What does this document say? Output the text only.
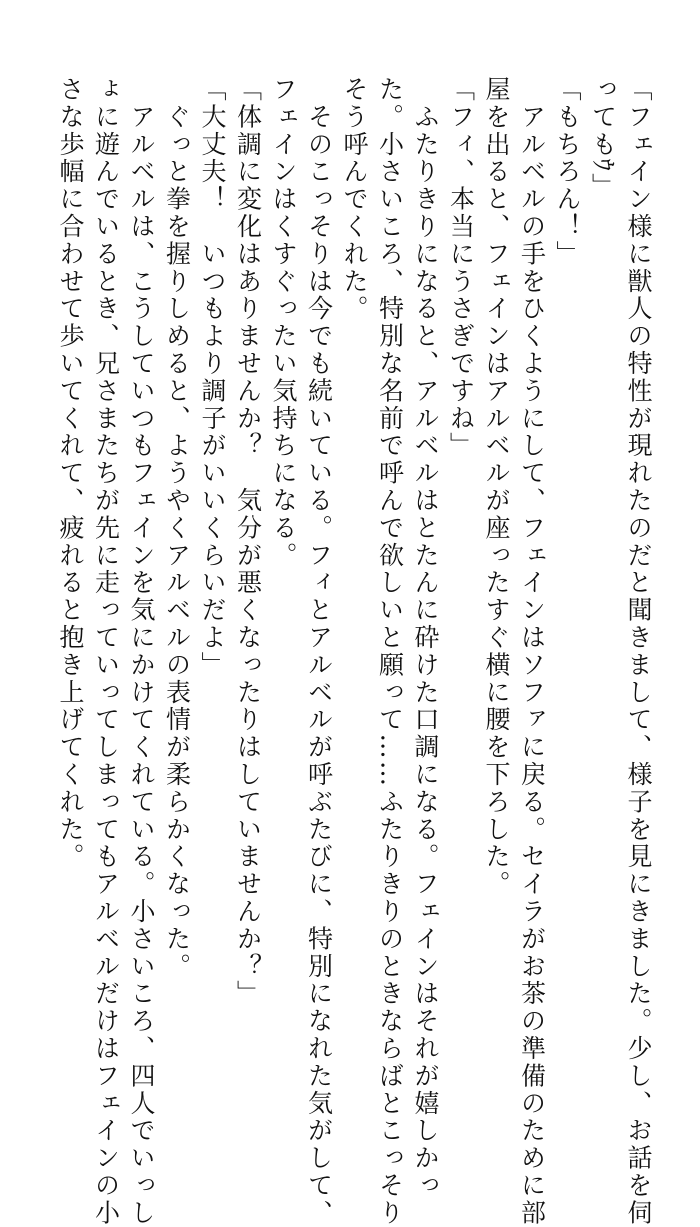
「フェイン様に獣人の特性が現れたのだと聞きまして、様子を見にきました。少し、お話を伺

ってもｳ」

「もちろん！」

　アルベルの手をひくようにして、フェインはソファに戻る。セイラがお茶の準備のために部

屋を出ると、フェインはアルベルが座ったすぐ横に腰を下ろした。

「フィ、本当にうさぎですね」

　ふたりきりになると、アルベルはとたんに砕けた口調になる。フェインはそれが嬉しかっ

た。小さいころ、特別な名前で呼んで欲しいと願って……ふたりきりのときならばとこっそり

そう呼んでくれた。

　そのこっそりは今でも続いている。フィとアルベルが呼ぶたびに、特別になれた気がして、

フェインはくすぐったい気持ちになる。

「体調に変化はありませんか？　気分が悪くなったりはしていませんか？」

「大丈夫！　いつもより調子がいいくらいだよ」

　ぐっと拳を握りしめると、ようやくアルベルの表情が柔らかくなった。

　アルベルは、こうしていつもフェインを気にかけてくれている。小さいころ、四人でいっし

ょに遊んでいるとき、兄さまたちが先に走っていってしまってもアルベルだけはフェインの小

さな歩幅に合わせて歩いてくれて、疲れると抱き上げてくれた。
